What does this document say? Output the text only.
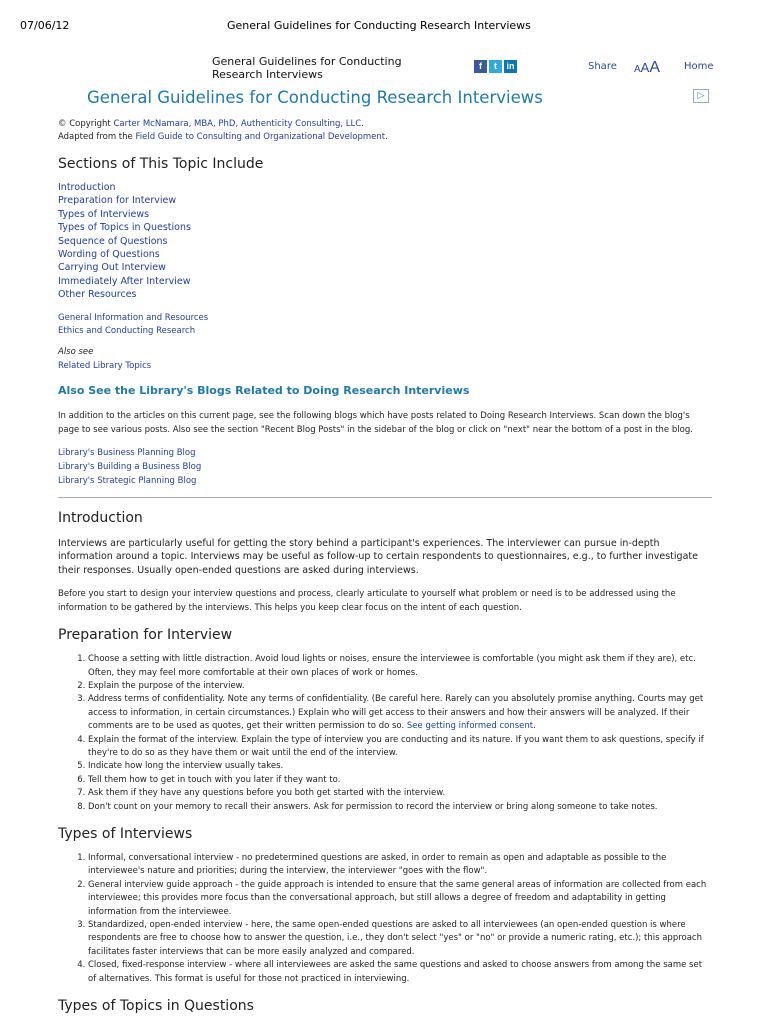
07/06/12	General Guidelines for Conducting Research Interviews
General Guidelines for Conducting Research Interviews
f	t	in	Share AAA Home
▷
General Guidelines for Conducting Research Interviews
© Copyright Carter McNamara, MBA, PhD, Authenticity Consulting, LLC.
Adapted from the Field Guide to Consulting and Organizational Development.
Sections of This Topic Include
Introduction
Preparation for Interview
Types of Interviews
Types of Topics in Questions
Sequence of Questions
Wording of Questions
Carrying Out Interview
Immediately After Interview
Other Resources
General Information and Resources
Ethics and Conducting Research
Also see
Related Library Topics
Also See the Library's Blogs Related to Doing Research Interviews

In addition to the articles on this current page, see the following blogs which have posts related to Doing Research Interviews. Scan down the blog's page to see various posts. Also see the section "Recent Blog Posts" in the sidebar of the blog or click on "next" near the bottom of a post in the blog.

Library's Business Planning Blog
Library's Building a Business Blog
Library's Strategic Planning Blog
Introduction

Interviews are particularly useful for getting the story behind a participant's experiences. The interviewer can pursue in-depth information around a topic. Interviews may be useful as follow-up to certain respondents to questionnaires, e.g., to further investigate their responses. Usually open-ended questions are asked during interviews.

Before you start to design your interview questions and process, clearly articulate to yourself what problem or need is to be addressed using the information to be gathered by the interviews. This helps you keep clear focus on the intent of each question.

Preparation for Interview
1. Choose a setting with little distraction. Avoid loud lights or noises, ensure the interviewee is comfortable (you might ask them if they are), etc. Often, they may feel more comfortable at their own places of work or homes.
2. Explain the purpose of the interview.
3. Address terms of confidentiality. Note any terms of confidentiality. (Be careful here. Rarely can you absolutely promise anything. Courts may get access to information, in certain circumstances.) Explain who will get access to their answers and how their answers will be analyzed. If their comments are to be used as quotes, get their written permission to do so. See getting informed consent.
4. Explain the format of the interview. Explain the type of interview you are conducting and its nature. If you want them to ask questions, specify if they're to do so as they have them or wait until the end of the interview.
5. Indicate how long the interview usually takes.
6. Tell them how to get in touch with you later if they want to.
7. Ask them if they have any questions before you both get started with the interview.
8. Don't count on your memory to recall their answers. Ask for permission to record the interview or bring along someone to take notes.
Types of Interviews
1. Informal, conversational interview - no predetermined questions are asked, in order to remain as open and adaptable as possible to the interviewee's nature and priorities; during the interview, the interviewer "goes with the flow".
2. General interview guide approach - the guide approach is intended to ensure that the same general areas of information are collected from each interviewee; this provides more focus than the conversational approach, but still allows a degree of freedom and adaptability in getting information from the interviewee.
3. Standardized, open-ended interview - here, the same open-ended questions are asked to all interviewees (an open-ended question is where respondents are free to choose how to answer the question, i.e., they don't select "yes" or "no" or provide a numeric rating, etc.); this approach facilitates faster interviews that can be more easily analyzed and compared.
4. Closed, fixed-response interview - where all interviewees are asked the same questions and asked to choose answers from among the same set of alternatives. This format is useful for those not practiced in interviewing.
Types of Topics in Questions
